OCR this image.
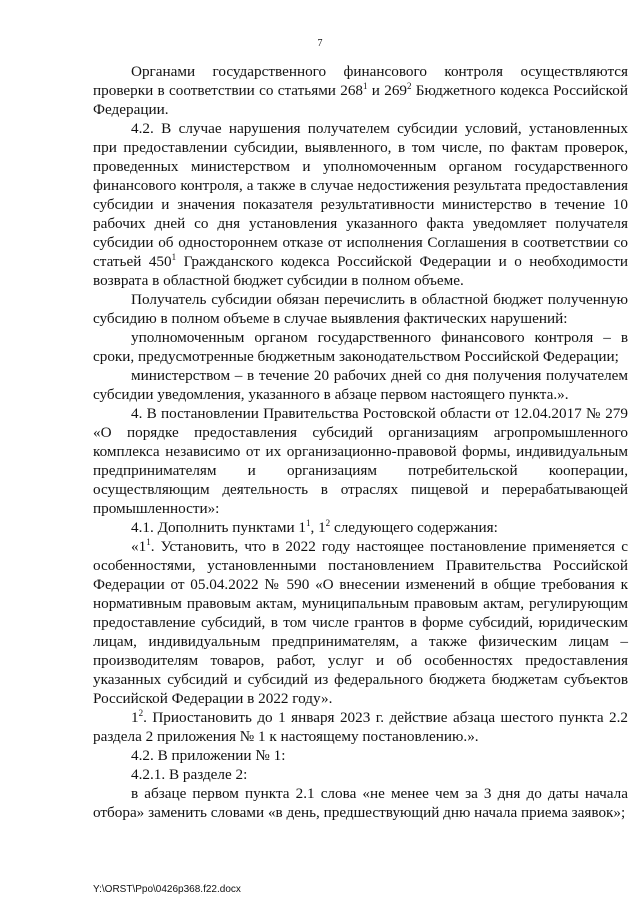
7

Органами государственного финансового контроля осуществляются проверки в соответствии со статьями $268^1$ и $269^2$ Бюджетного кодекса Российской Федерации.

4.2. В случае нарушения получателем субсидии условий, установленных при предоставлении субсидии, выявленного, в том числе, по фактам проверок, проведенных министерством и уполномоченным органом государственного финансового контроля, а также в случае недостижения результата предоставления субсидии и значения показателя результативности министерство в течение 10 рабочих дней со дня установления указанного факта уведомляет получателя субсидии об одностороннем отказе от исполнения Соглашения в соответствии со статьей $450^1$ Гражданского кодекса Российской Федерации и о необходимости возврата в областной бюджет субсидии в полном объеме.

Получатель субсидии обязан перечислить в областной бюджет полученную субсидию в полном объеме в случае выявления фактических нарушений:

уполномоченным органом государственного финансового контроля – в сроки, предусмотренные бюджетным законодательством Российской Федерации;

министерством – в течение 20 рабочих дней со дня получения получателем субсидии уведомления, указанного в абзаце первом настоящего пункта.».

4. В постановлении Правительства Ростовской области от 12.04.2017 № 279 «О порядке предоставления субсидий организациям агропромышленного комплекса независимо от их организационно-правовой формы, индивидуальным предпринимателям и организациям потребительской кооперации, осуществляющим деятельность в отраслях пищевой и перерабатывающей промышленности»:

4.1. Дополнить пунктами $1^1$, $1^2$ следующего содержания:

«$1^1$. Установить, что в 2022 году настоящее постановление применяется с особенностями, установленными постановлением Правительства Российской Федерации от 05.04.2022 № 590 «О внесении изменений в общие требования к нормативным правовым актам, муниципальным правовым актам, регулирующим предоставление субсидий, в том числе грантов в форме субсидий, юридическим лицам, индивидуальным предпринимателям, а также физическим лицам – производителям товаров, работ, услуг и об особенностях предоставления указанных субсидий и субсидий из федерального бюджета бюджетам субъектов Российской Федерации в 2022 году».

$1^2$. Приостановить до 1 января 2023 г. действие абзаца шестого пункта 2.2 раздела 2 приложения № 1 к настоящему постановлению.».

4.2. В приложении № 1:

4.2.1. В разделе 2:

в абзаце первом пункта 2.1 слова «не менее чем за 3 дня до даты начала отбора» заменить словами «в день, предшествующий дню начала приема заявок»;

Y:\ORST\Ppo\0426p368.f22.docx
